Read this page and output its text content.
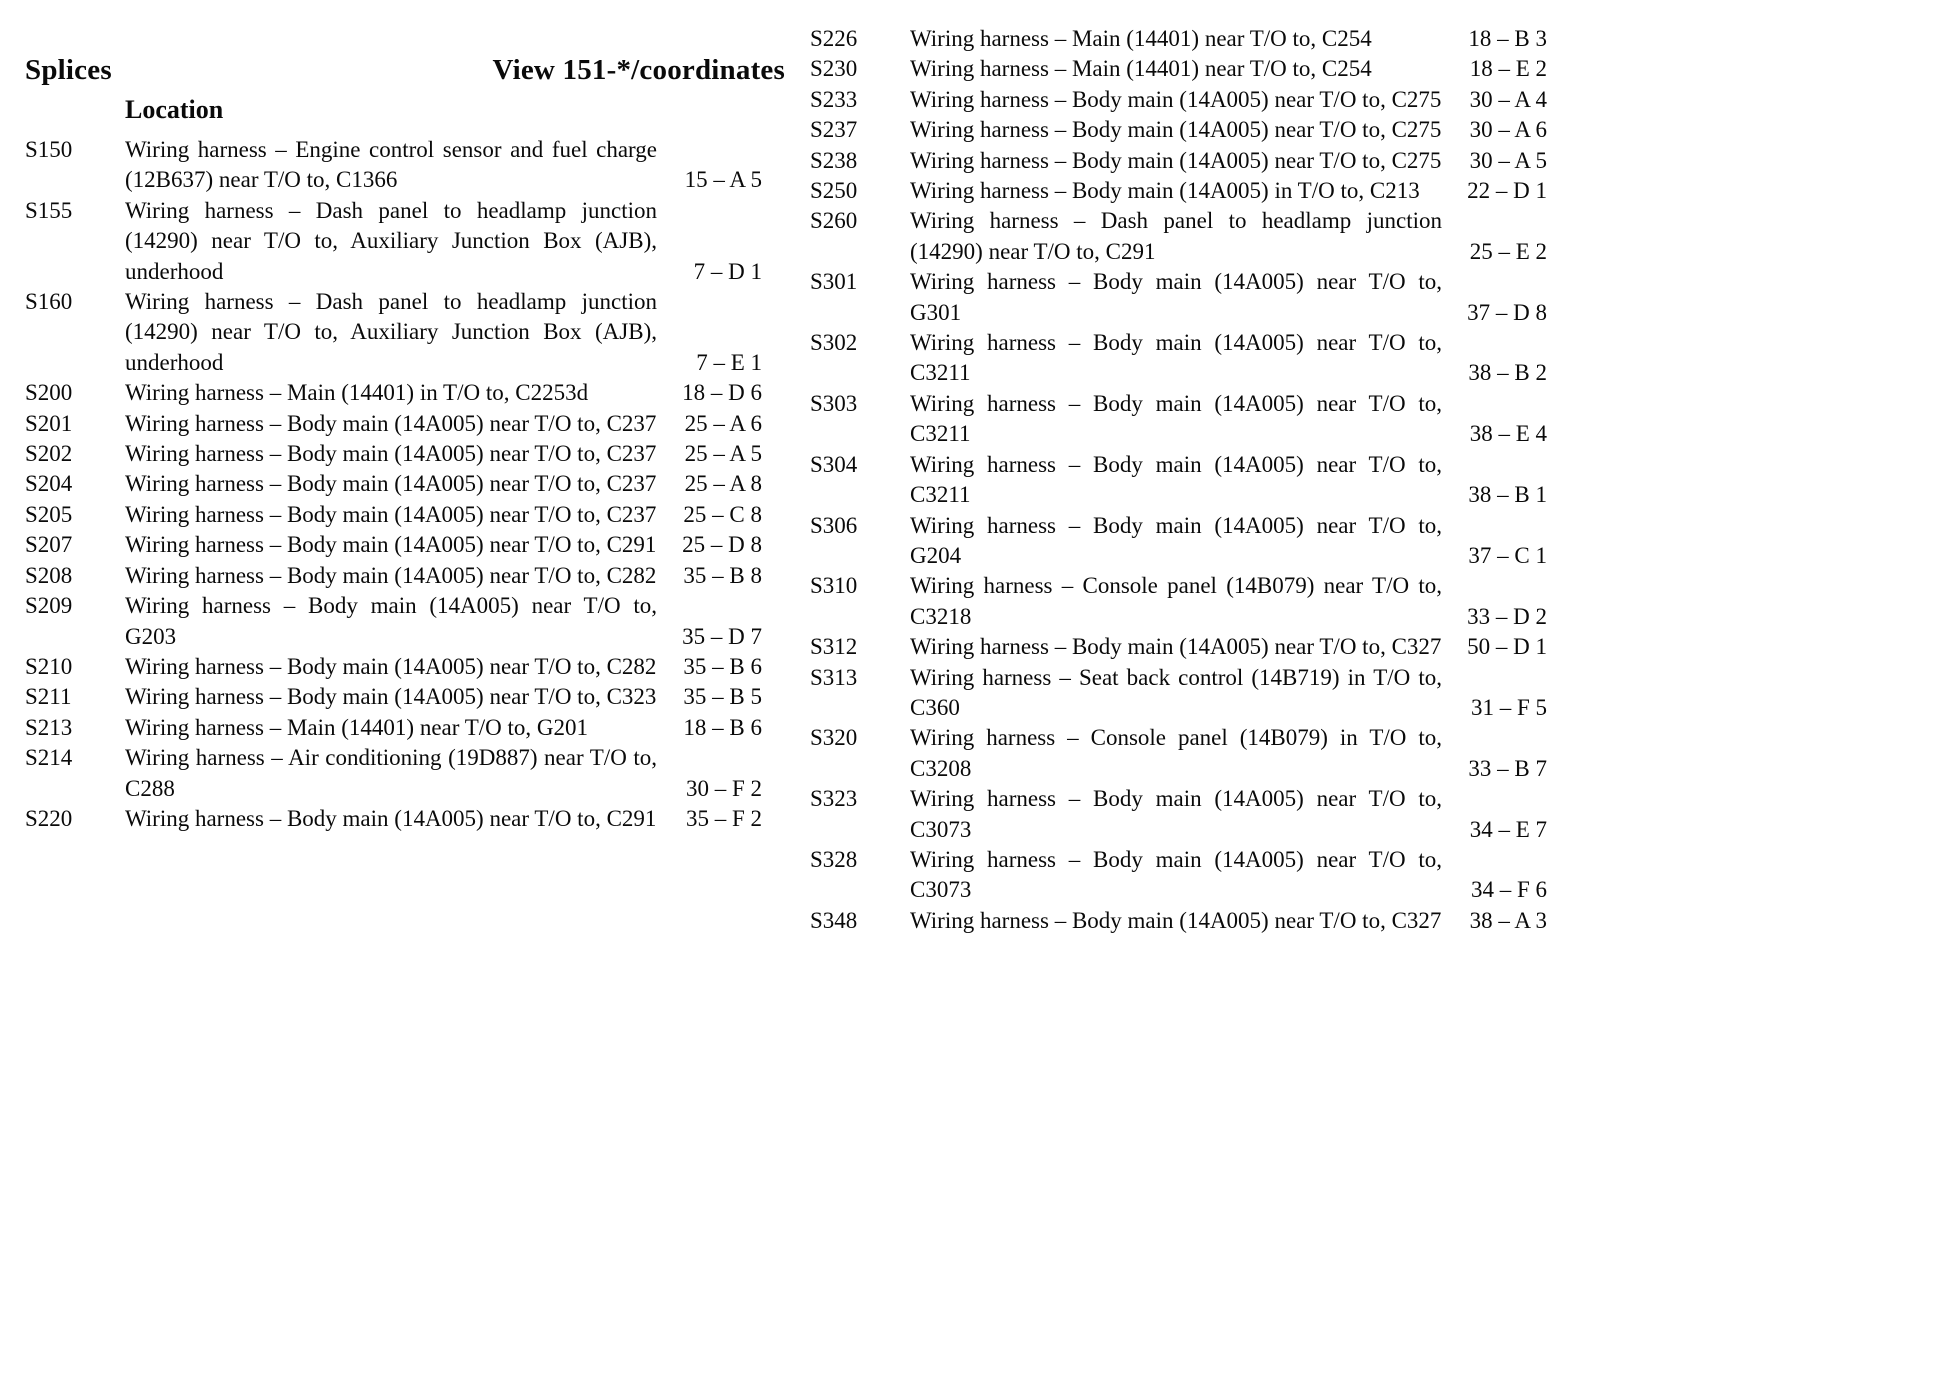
Splices	View 151-*/coordinates
Location
S150	Wiring harness – Engine control sensor and fuel charge (12B637) near T/O to, C1366	15 – A 5
S155	Wiring harness – Dash panel to headlamp junction (14290) near T/O to, Auxiliary Junction Box (AJB), underhood	7 – D 1
S160	Wiring harness – Dash panel to headlamp junction (14290) near T/O to, Auxiliary Junction Box (AJB), underhood	7 – E 1
S200	Wiring harness – Main (14401) in T/O to, C2253d	18 – D 6
S201	Wiring harness – Body main (14A005) near T/O to, C237	25 – A 6
S202	Wiring harness – Body main (14A005) near T/O to, C237	25 – A 5
S204	Wiring harness – Body main (14A005) near T/O to, C237	25 – A 8
S205	Wiring harness – Body main (14A005) near T/O to, C237	25 – C 8
S207	Wiring harness – Body main (14A005) near T/O to, C291	25 – D 8
S208	Wiring harness – Body main (14A005) near T/O to, C282	35 – B 8
S209	Wiring harness – Body main (14A005) near T/O to, G203	35 – D 7
S210	Wiring harness – Body main (14A005) near T/O to, C282	35 – B 6
S211	Wiring harness – Body main (14A005) near T/O to, C323	35 – B 5
S213	Wiring harness – Main (14401) near T/O to, G201	18 – B 6
S214	Wiring harness – Air conditioning (19D887) near T/O to, C288	30 – F 2
S220	Wiring harness – Body main (14A005) near T/O to, C291	35 – F 2
S226	Wiring harness – Main (14401) near T/O to, C254	18 – B 3
S230	Wiring harness – Main (14401) near T/O to, C254	18 – E 2
S233	Wiring harness – Body main (14A005) near T/O to, C275	30 – A 4
S237	Wiring harness – Body main (14A005) near T/O to, C275	30 – A 6
S238	Wiring harness – Body main (14A005) near T/O to, C275	30 – A 5
S250	Wiring harness – Body main (14A005) in T/O to, C213	22 – D 1
S260	Wiring harness – Dash panel to headlamp junction (14290) near T/O to, C291	25 – E 2
S301	Wiring harness – Body main (14A005) near T/O to, G301	37 – D 8
S302	Wiring harness – Body main (14A005) near T/O to, C3211	38 – B 2
S303	Wiring harness – Body main (14A005) near T/O to, C3211	38 – E 4
S304	Wiring harness – Body main (14A005) near T/O to, C3211	38 – B 1
S306	Wiring harness – Body main (14A005) near T/O to, G204	37 – C 1
S310	Wiring harness – Console panel (14B079) near T/O to, C3218	33 – D 2
S312	Wiring harness – Body main (14A005) near T/O to, C327	50 – D 1
S313	Wiring harness – Seat back control (14B719) in T/O to, C360	31 – F 5
S320	Wiring harness – Console panel (14B079) in T/O to, C3208	33 – B 7
S323	Wiring harness – Body main (14A005) near T/O to, C3073	34 – E 7
S328	Wiring harness – Body main (14A005) near T/O to, C3073	34 – F 6
S348	Wiring harness – Body main (14A005) near T/O to, C327	38 – A 3
